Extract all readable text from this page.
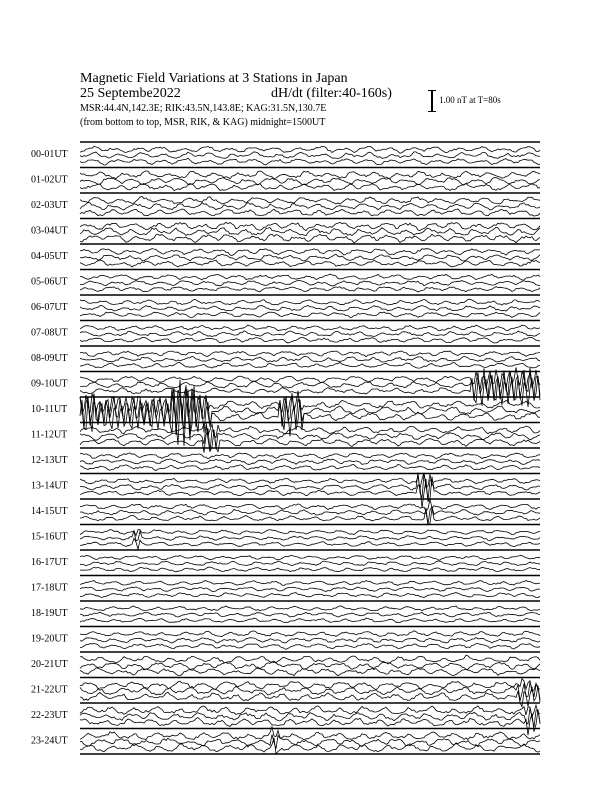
Magnetic Field Variations at 3 Stations in Japan
25 Septembe2022	dH/dt (filter:40-160s)
MSR:44.4N,142.3E; RIK:43.5N,143.8E; KAG:31.5N,130.7E
(from bottom to top, MSR, RIK, & KAG) midnight=1500UT
1.00 nT at T=80s
00-01UT
01-02UT
02-03UT
03-04UT
04-05UT
05-06UT
06-07UT
07-08UT
08-09UT
09-10UT
10-11UT
11-12UT
12-13UT
13-14UT
14-15UT
15-16UT
16-17UT
17-18UT
18-19UT
19-20UT
20-21UT
21-22UT
22-23UT
23-24UT
